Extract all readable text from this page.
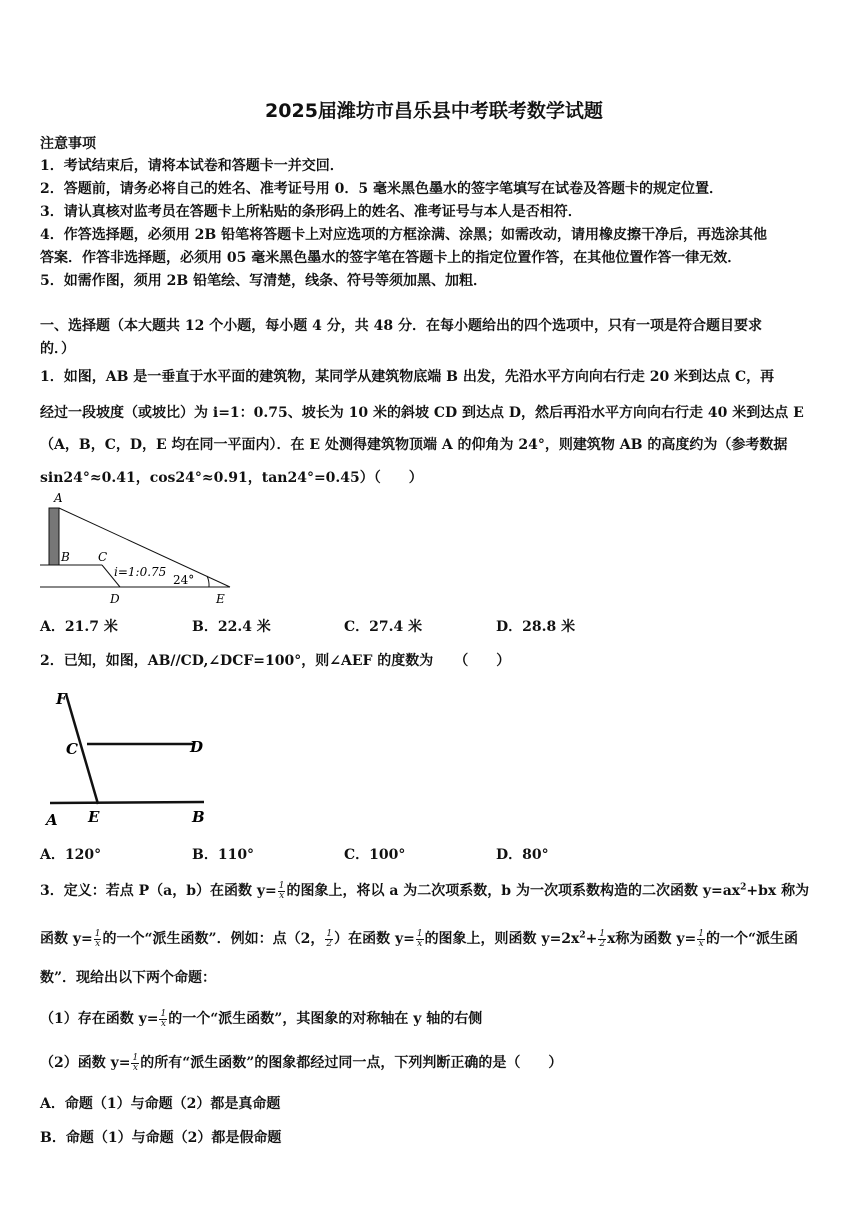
2025届潍坊市昌乐县中考联考数学试题
注意事项
1．考试结束后，请将本试卷和答题卡一并交回．
2．答题前，请务必将自己的姓名、准考证号用 0．5 毫米黑色墨水的签字笔填写在试卷及答题卡的规定位置．
3．请认真核对监考员在答题卡上所粘贴的条形码上的姓名、准考证号与本人是否相符．
4．作答选择题，必须用 2B 铅笔将答题卡上对应选项的方框涂满、涂黑；如需改动，请用橡皮擦干净后，再选涂其他
答案．作答非选择题，必须用 05 毫米黑色墨水的签字笔在答题卡上的指定位置作答，在其他位置作答一律无效．
5．如需作图，须用 2B 铅笔绘、写清楚，线条、符号等须加黑、加粗．
一、选择题（本大题共 12 个小题，每小题 4 分，共 48 分．在每小题给出的四个选项中，只有一项是符合题目要求
的．）
1．如图，AB 是一垂直于水平面的建筑物，某同学从建筑物底端 B 出发，先沿水平方向向右行走 20 米到达点 C，再
经过一段坡度（或坡比）为 i=1：0.75、坡长为 10 米的斜坡 CD 到达点 D，然后再沿水平方向向右行走 40 米到达点 E
（A，B，C，D，E 均在同一平面内）．在 E 处测得建筑物顶端 A 的仰角为 24°，则建筑物 AB 的高度约为（参考数据
sin24°≈0.41，cos24°≈0.91，tan24°=0.45）（　　）
A
B C
D	E
i=1:0.75
24°
A．21.7 米	B．22.4 米	C．27.4 米	D．28.8 米
2．已知，如图，AB//CD,∠DCF=100°，则∠AEF 的度数为　　（　　）
F
C	D
A E	B
A．120°	B．110°	C．100°	D．80°
3．定义：若点 P（a，b）在函数 $y= \frac{1}{x}$ 的图象上，将以 a 为二次项系数，b 为一次项系数构造的二次函数 $y=ax^2+bx$ 称为
函数 $y= \frac{1}{x}$ 的一个“派生函数”．例如：点（2， $\frac{1}{2}$ ）在函数 $y= \frac{1}{x}$ 的图象上，则函数 $y=2x^2+ \frac{1}{2}$ x称为函数 $y= \frac{1}{x}$ 的一个“派生函
数”．现给出以下两个命题：
（1）存在函数 $y= \frac{1}{x}$ 的一个“派生函数”，其图象的对称轴在 y 轴的右侧
（2）函数 $y= \frac{1}{x}$ 的所有“派生函数”的图象都经过同一点，下列判断正确的是（　　）
A．命题（1）与命题（2）都是真命题
B．命题（1）与命题（2）都是假命题
